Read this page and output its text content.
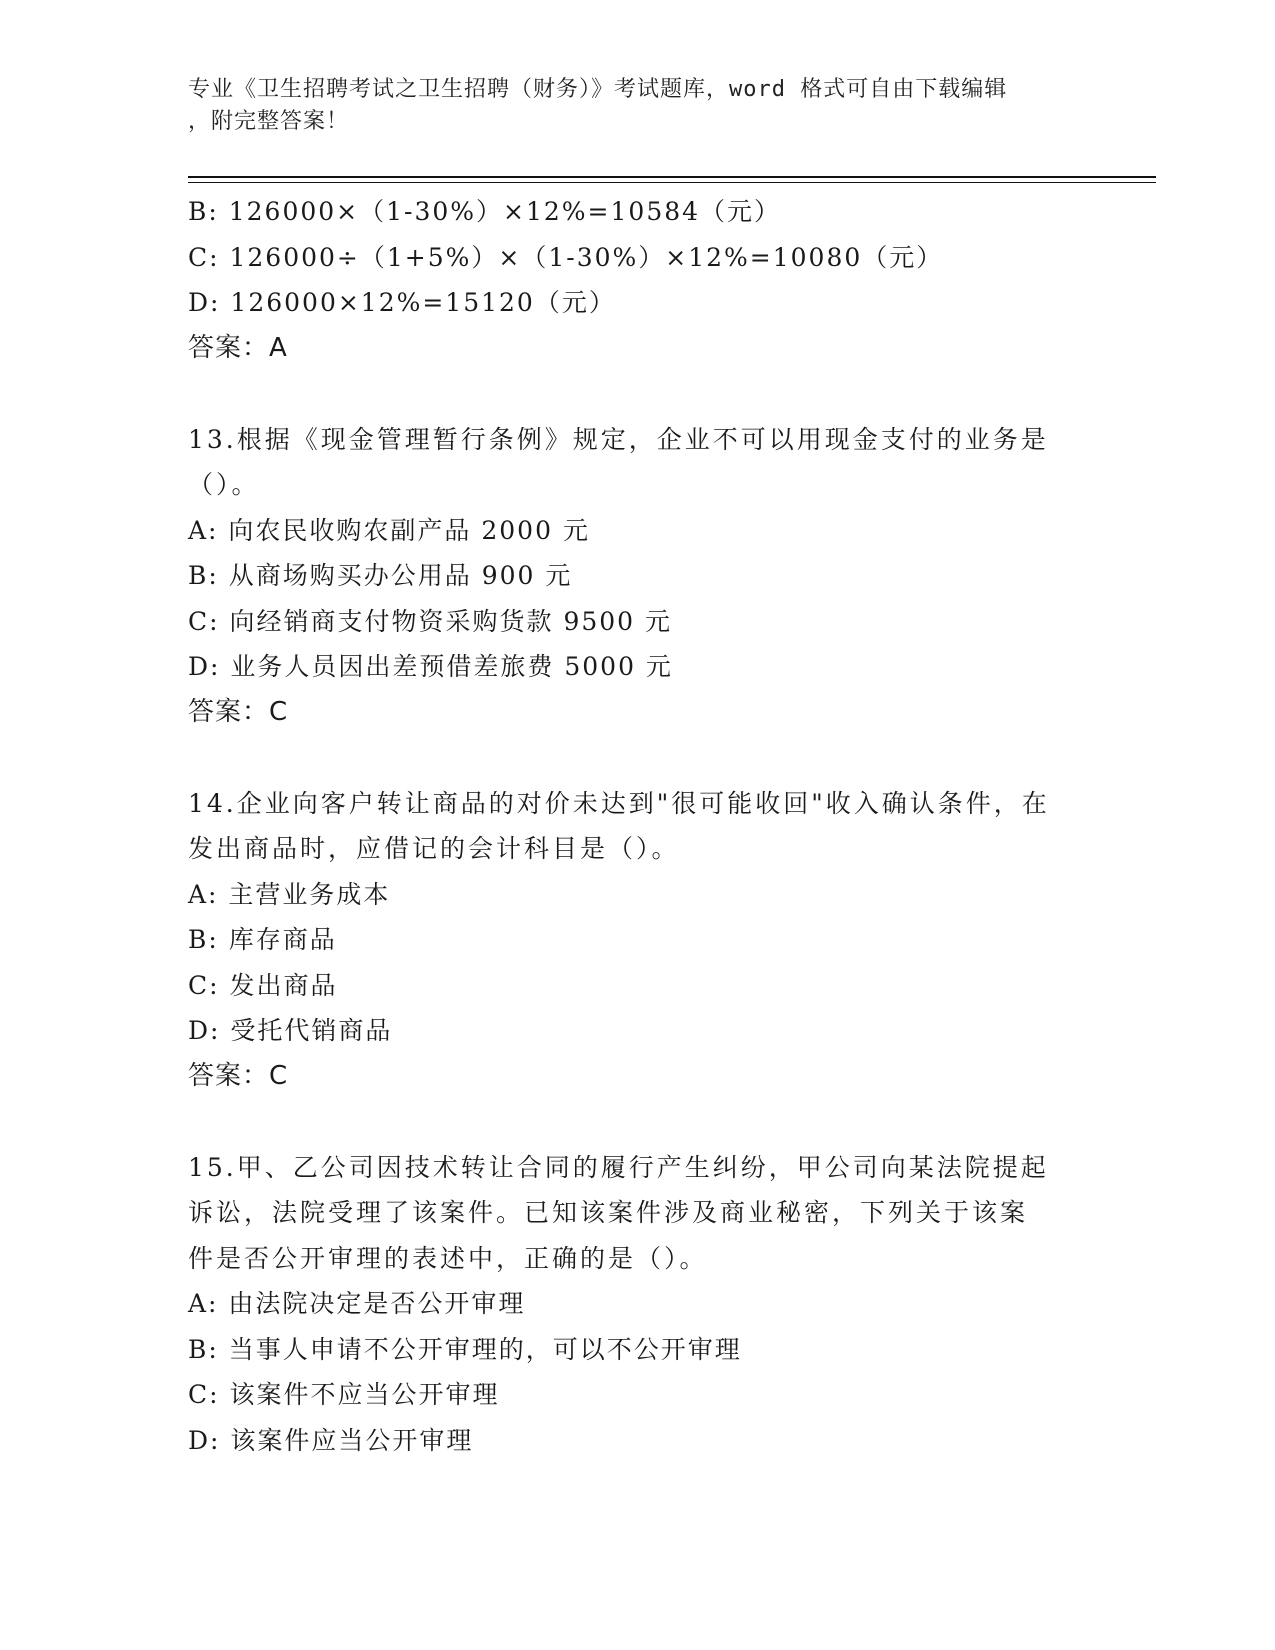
专业《卫生招聘考试之卫生招聘（财务）》考试题库，word 格式可自由下载编辑
，附完整答案！
B: 126000×（1-30%）×12%=10584（元）
C: 126000÷（1+5%）×（1-30%）×12%=10080（元）
D: 126000×12%=15120（元）
答案：A
13.根据《现金管理暂行条例》规定，企业不可以用现金支付的业务是
（）。
A: 向农民收购农副产品 2000 元
B: 从商场购买办公用品 900 元
C: 向经销商支付物资采购货款 9500 元
D: 业务人员因出差预借差旅费 5000 元
答案：C
14.企业向客户转让商品的对价未达到"很可能收回"收入确认条件，在
发出商品时，应借记的会计科目是（）。
A: 主营业务成本
B: 库存商品
C: 发出商品
D: 受托代销商品
答案：C
15.甲、乙公司因技术转让合同的履行产生纠纷，甲公司向某法院提起
诉讼，法院受理了该案件。已知该案件涉及商业秘密，下列关于该案
件是否公开审理的表述中，正确的是（）。
A: 由法院决定是否公开审理
B: 当事人申请不公开审理的，可以不公开审理
C: 该案件不应当公开审理
D: 该案件应当公开审理
